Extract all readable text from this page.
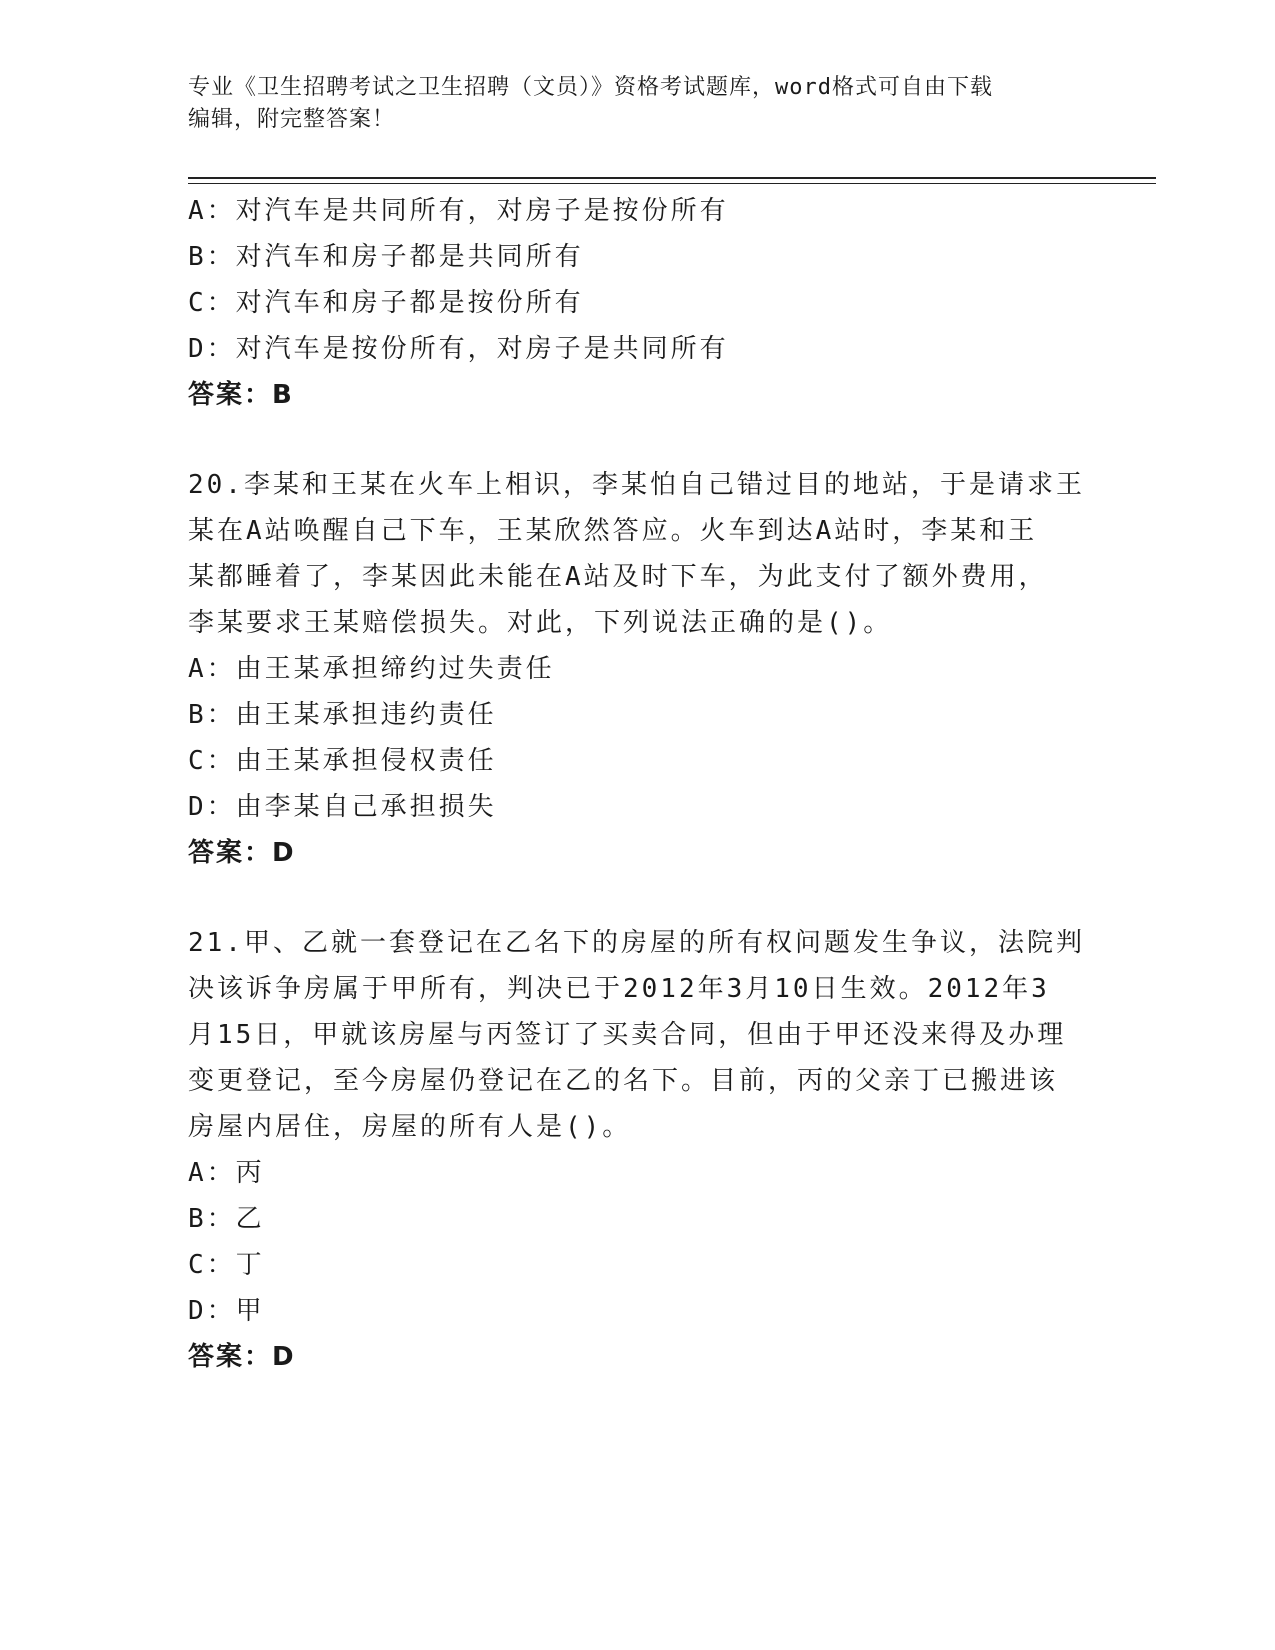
专业《卫生招聘考试之卫生招聘（文员）》资格考试题库，word格式可自由下载
编辑，附完整答案！
A：对汽车是共同所有，对房子是按份所有
B：对汽车和房子都是共同所有
C：对汽车和房子都是按份所有
D：对汽车是按份所有，对房子是共同所有
答案：B
20.李某和王某在火车上相识，李某怕自己错过目的地站，于是请求王
某在A站唤醒自己下车，王某欣然答应。火车到达A站时，李某和王
某都睡着了，李某因此未能在A站及时下车，为此支付了额外费用，
李某要求王某赔偿损失。对此，下列说法正确的是()。
A：由王某承担缔约过失责任
B：由王某承担违约责任
C：由王某承担侵权责任
D：由李某自己承担损失
答案：D
21.甲、乙就一套登记在乙名下的房屋的所有权问题发生争议，法院判
决该诉争房属于甲所有，判决已于2012年3月10日生效。2012年3
月15日，甲就该房屋与丙签订了买卖合同，但由于甲还没来得及办理
变更登记，至今房屋仍登记在乙的名下。目前，丙的父亲丁已搬进该
房屋内居住，房屋的所有人是()。
A：丙
B：乙
C：丁
D：甲
答案：D
